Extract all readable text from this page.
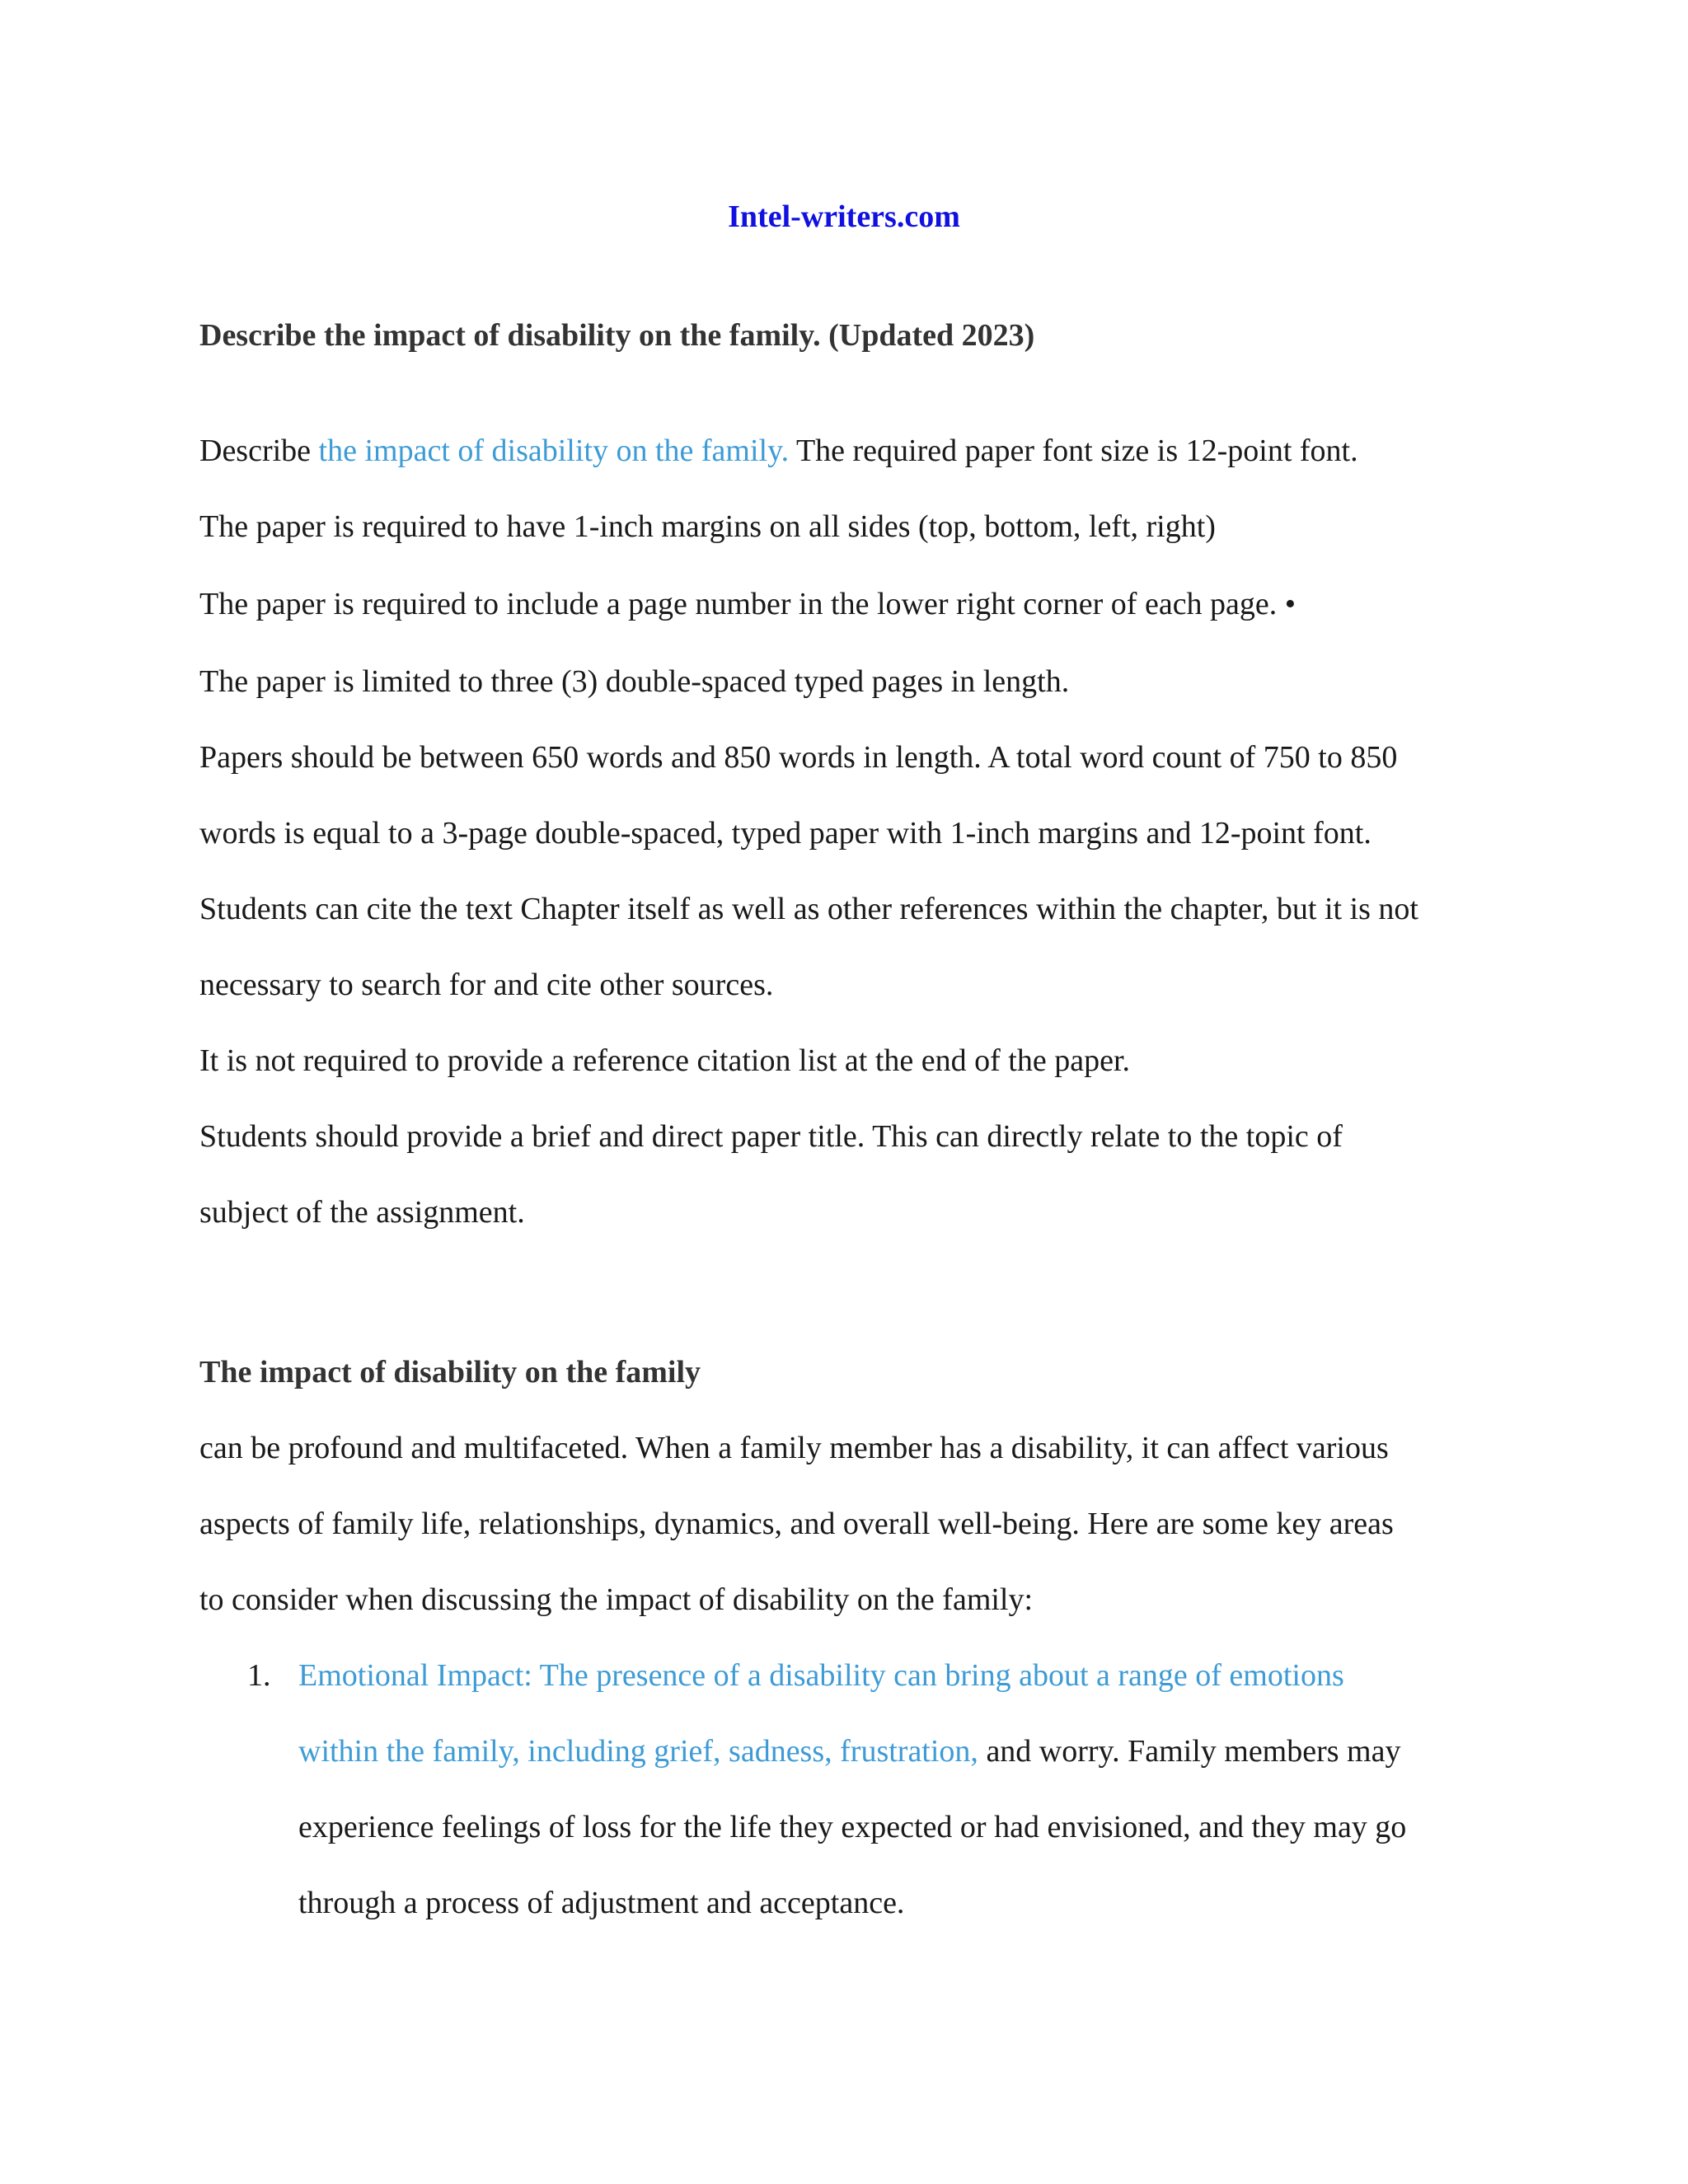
Intel-writers.com
Describe the impact of disability on the family. (Updated 2023)
Describe the impact of disability on the family. The required paper font size is 12-point font.
The paper is required to have 1-inch margins on all sides (top, bottom, left, right)
The paper is required to include a page number in the lower right corner of each page. •
The paper is limited to three (3) double-spaced typed pages in length.
Papers should be between 650 words and 850 words in length. A total word count of 750 to 850
words is equal to a 3-page double-spaced, typed paper with 1-inch margins and 12-point font.
Students can cite the text Chapter itself as well as other references within the chapter, but it is not
necessary to search for and cite other sources.
It is not required to provide a reference citation list at the end of the paper.
Students should provide a brief and direct paper title. This can directly relate to the topic of
subject of the assignment.
The impact of disability on the family
can be profound and multifaceted. When a family member has a disability, it can affect various
aspects of family life, relationships, dynamics, and overall well-being. Here are some key areas
to consider when discussing the impact of disability on the family:
1. Emotional Impact: The presence of a disability can bring about a range of emotions
within the family, including grief, sadness, frustration, and worry. Family members may
experience feelings of loss for the life they expected or had envisioned, and they may go
through a process of adjustment and acceptance.
